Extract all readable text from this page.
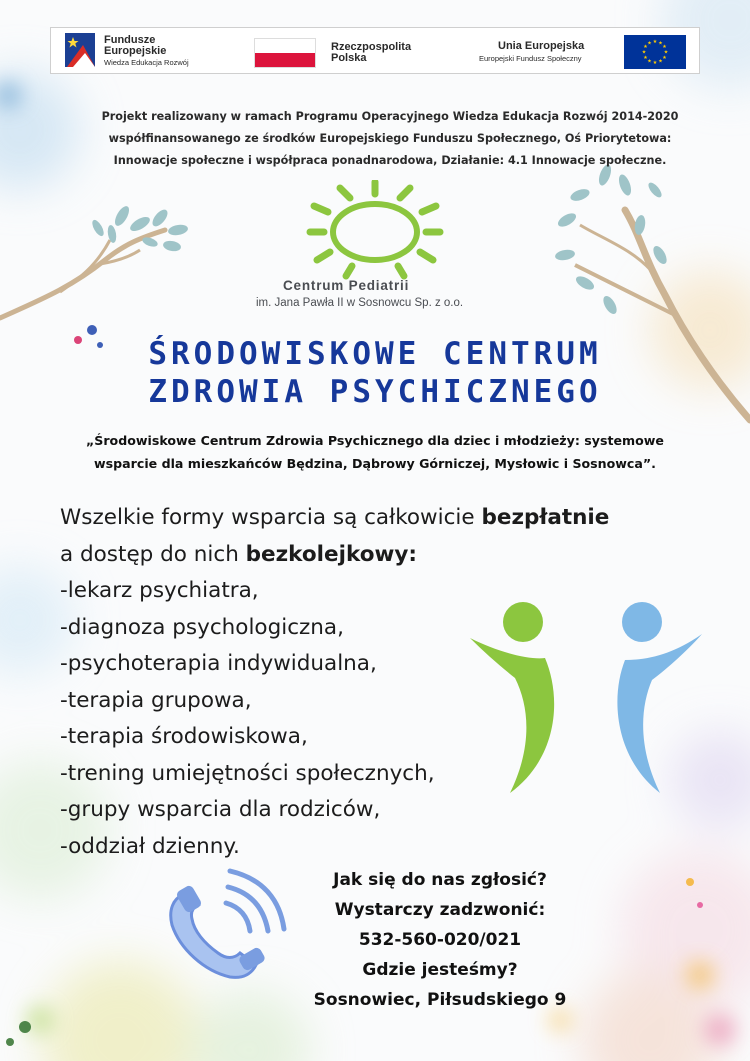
Fundusze
Europejskie
Wiedza Edukacja Rozwój
Rzeczpospolita
Polska
Unia Europejska
Europejski Fundusz Społeczny
★ ★
★
★
★
★
★
★
★
★
★
★
Projekt realizowany w ramach Programu Operacyjnego Wiedza Edukacja Rozwój 2014-2020
współfinansowanego ze środków Europejskiego Funduszu Społecznego, Oś Priorytetowa:
Innowacje społeczne i współpraca ponadnarodowa, Działanie: 4.1 Innowacje społeczne.
Centrum Pediatrii
im. Jana Pawła II w Sosnowcu Sp. z o.o.
ŚRODOWISKOWE CENTRUM
ZDROWIA PSYCHICZNEGO
„Środowiskowe Centrum Zdrowia Psychicznego dla dziec i młodzieży: systemowe
wsparcie dla mieszkańców Będzina, Dąbrowy Górniczej, Mysłowic i Sosnowca”.
Wszelkie formy wsparcia są całkowicie bezpłatnie
a dostęp do nich bezkolejkowy:
-lekarz psychiatra,
-diagnoza psychologiczna,
-psychoterapia indywidualna,
-terapia grupowa,
-terapia środowiskowa,
-trening umiejętności społecznych,
-grupy wsparcia dla rodziców,
-oddział dzienny.
Jak się do nas zgłosić?
Wystarczy zadzwonić:
532-560-020/021
Gdzie jesteśmy?
Sosnowiec, Piłsudskiego 9
